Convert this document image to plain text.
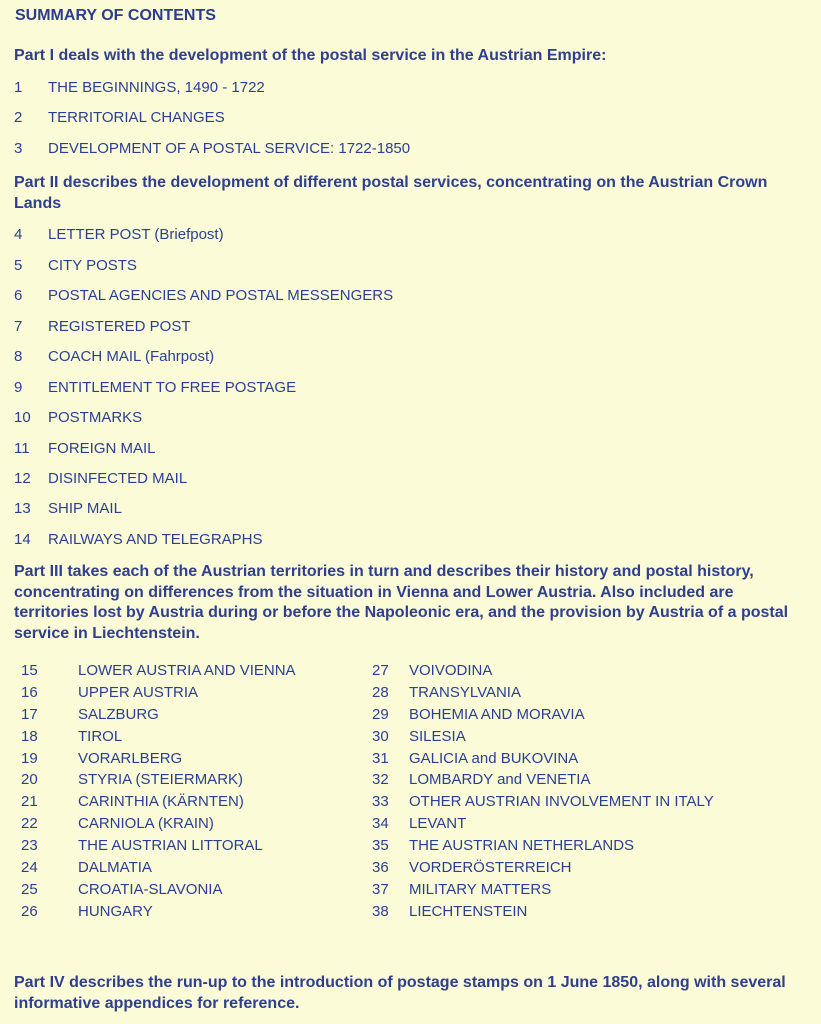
SUMMARY OF CONTENTS
Part I deals with the development of the postal service in the Austrian Empire:
1 THE BEGINNINGS, 1490 - 1722
2 TERRITORIAL CHANGES
3 DEVELOPMENT OF A POSTAL SERVICE: 1722-1850
Part II describes the development of different postal services, concentrating on the Austrian Crown Lands
4 LETTER POST (Briefpost)
5 CITY POSTS
6 POSTAL AGENCIES AND POSTAL MESSENGERS
7 REGISTERED POST
8 COACH MAIL (Fahrpost)
9 ENTITLEMENT TO FREE POSTAGE
10 POSTMARKS
11 FOREIGN MAIL
12 DISINFECTED MAIL
13 SHIP MAIL
14 RAILWAYS AND TELEGRAPHS
Part III takes each of the Austrian territories in turn and describes their history and postal history, concentrating on differences from the situation in Vienna and Lower Austria. Also included are territories lost by Austria during or before the Napoleonic era, and the provision by Austria of a postal service in Liechtenstein.
15	LOWER AUSTRIA AND VIENNA
16	UPPER AUSTRIA
17	SALZBURG
18	TIROL
19	VORARLBERG
20	STYRIA (STEIERMARK)
21	CARINTHIA (KÄRNTEN)
22	CARNIOLA (KRAIN)
23	THE AUSTRIAN LITTORAL
24	DALMATIA
25	CROATIA-SLAVONIA
26	HUNGARY
27 VOIVODINA
28 TRANSYLVANIA
29 BOHEMIA AND MORAVIA
30 SILESIA
31 GALICIA and BUKOVINA
32 LOMBARDY and VENETIA
33 OTHER AUSTRIAN INVOLVEMENT IN ITALY
34 LEVANT
35 THE AUSTRIAN NETHERLANDS
36 VORDERÖSTERREICH
37 MILITARY MATTERS
38 LIECHTENSTEIN
Part IV describes the run-up to the introduction of postage stamps on 1 June 1850, along with several informative appendices for reference.
